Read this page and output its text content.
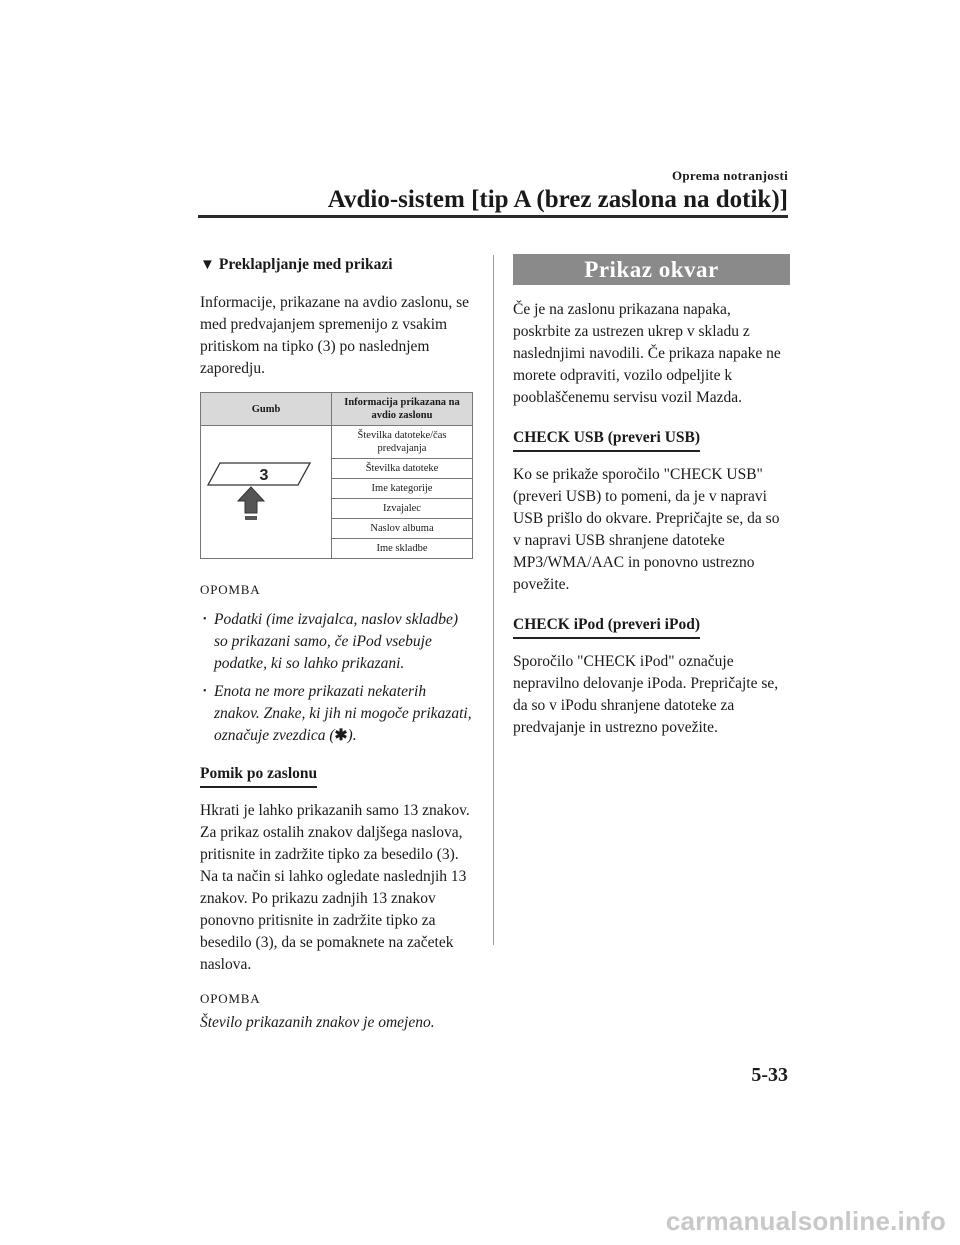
Oprema notranjosti
Avdio-sistem [tip A (brez zaslona na dotik)]
▼ Preklapljanje med prikazi

Informacije, prikazane na avdio zaslonu, se med predvajanjem spremenijo z vsakim pritiskom na tipko (3) po naslednjem zaporedju.

Gumb	Informacija prikazana na avdio zaslonu

3	Številka datoteke/čas predvajanja
	Številka datoteke
	Ime kategorije
	Izvajalec
	Naslov albuma
	Ime skladbe
OPOMBA
• Podatki (ime izvajalca, naslov skladbe) so prikazani samo, če iPod vsebuje podatke, ki so lahko prikazani.
• Enota ne more prikazati nekaterih znakov. Znake, ki jih ni mogoče prikazati, označuje zvezdica (✱).
Pomik po zaslonu

Hkrati je lahko prikazanih samo 13 znakov. Za prikaz ostalih znakov daljšega naslova, pritisnite in zadržite tipko za besedilo (3). Na ta način si lahko ogledate naslednjih 13 znakov. Po prikazu zadnjih 13 znakov ponovno pritisnite in zadržite tipko za besedilo (3), da se pomaknete na začetek naslova.

OPOMBA

Število prikazanih znakov je omejeno.

Prikaz okvar

Če je na zaslonu prikazana napaka, poskrbite za ustrezen ukrep v skladu z naslednjimi navodili. Če prikaza napake ne morete odpraviti, vozilo odpeljite k pooblaščenemu servisu vozil Mazda.

CHECK USB (preveri USB)

Ko se prikaže sporočilo "CHECK USB" (preveri USB) to pomeni, da je v napravi USB prišlo do okvare. Prepričajte se, da so v napravi USB shranjene datoteke MP3/WMA/AAC in ponovno ustrezno povežite.

CHECK iPod (preveri iPod)

Sporočilo "CHECK iPod" označuje nepravilno delovanje iPoda. Prepričajte se, da so v iPodu shranjene datoteke za predvajanje in ustrezno povežite.

5-33
carmanualsonline.info
